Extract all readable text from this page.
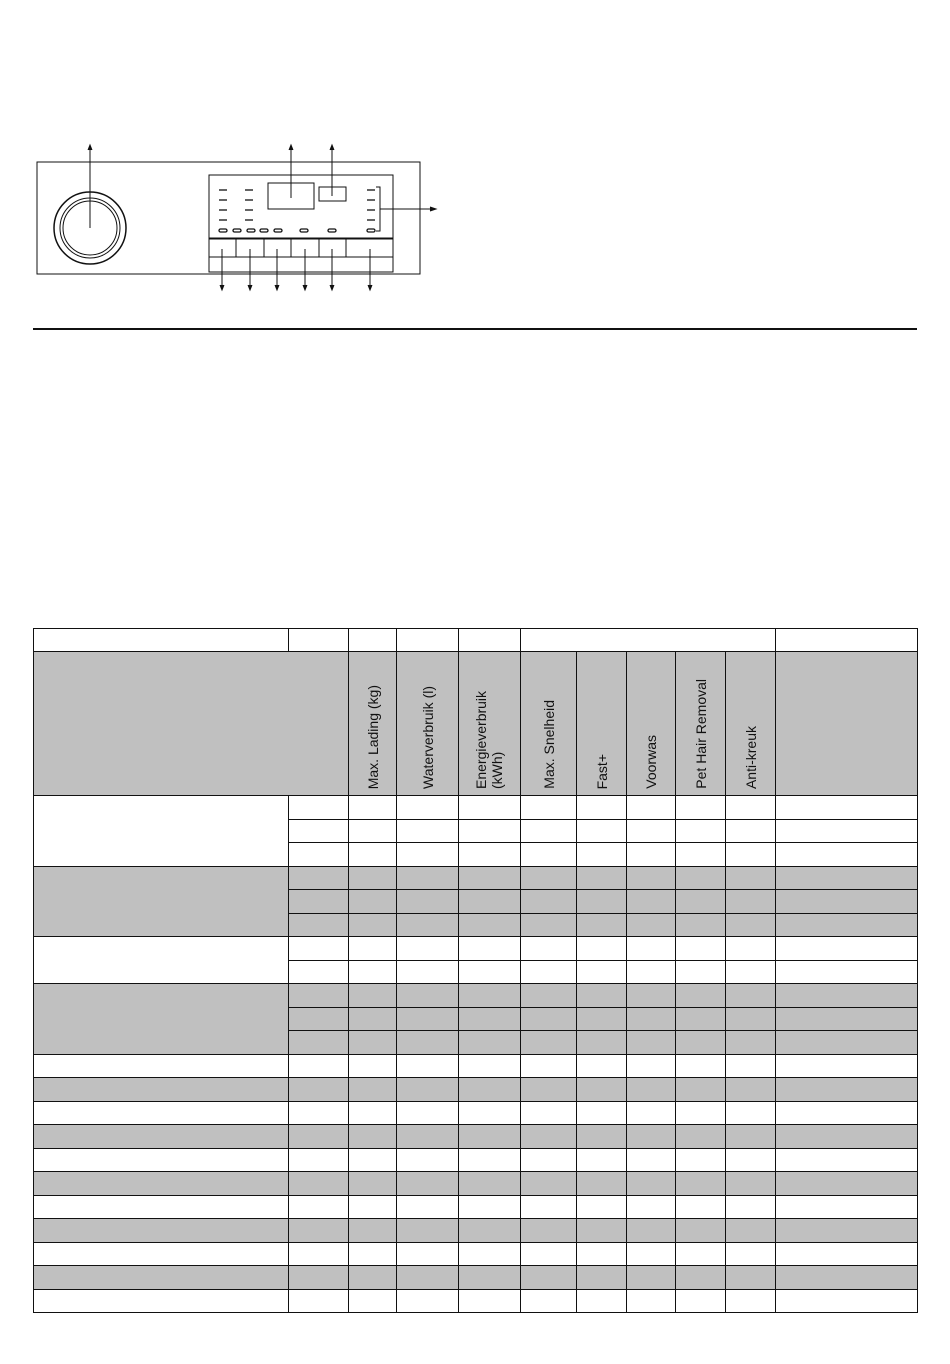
		Max. Lading (kg)	Waterverbruik (l)	Energieverbruik (kWh)	Max. Snelheid	Fast+	Voorwas	Pet Hair Removal	Anti-kreuk	
